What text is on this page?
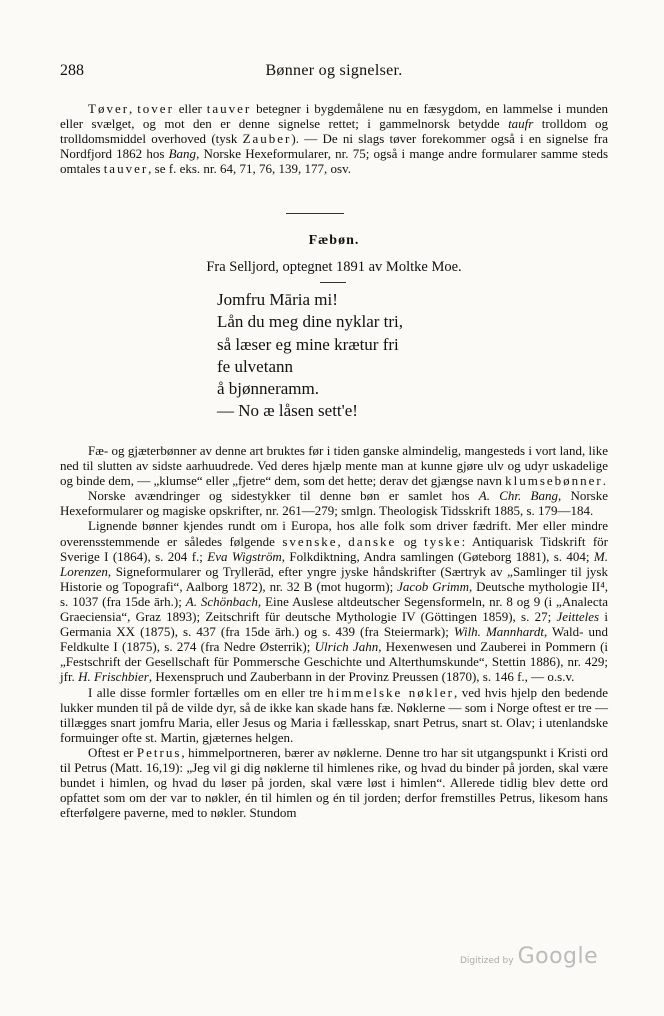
288	Bønner og signelser.

Tøver, tover eller tauver betegner i bygdemålene nu en fæsygdom, en lammelse i munden eller svælget, og mot den er denne signelse rettet; i gammelnorsk betydde taufr trolldom og trolldomsmiddel overhoved (tysk Zauber). — De ni slags tøver forekommer også i en signelse fra Nordfjord 1862 hos Bang, Norske Hexeformularer, nr. 75; også i mange andre formularer samme steds omtales tauver, se f. eks. nr. 64, 71, 76, 139, 177, osv.

Fæbøn.
Fra Selljord, optegnet 1891 av Moltke Moe.
Jomfru Māria mi!
Lån du meg dine nyklar tri,
så læser eg mine krætur fri
fe ulvetann
å bjønneramm.
— No æ låsen sett'e!

Fæ- og gjæterbønner av denne art bruktes før i tiden ganske almindelig, mangesteds i vort land, like ned til slutten av sidste aarhuudrede. Ved deres hjælp mente man at kunne gjøre ulv og udyr uskadelige og binde dem, — „klumse“ eller „fjetre“ dem, som det hette; derav det gjængse navn klumsebønner.

Norske avændringer og sidestykker til denne bøn er samlet hos A. Chr. Bang, Norske Hexeformularer og magiske opskrifter, nr. 261—279; smlgn. Theologisk Tidsskrift 1885, s. 179—184.

Lignende bønner kjendes rundt om i Europa, hos alle folk som driver fædrift. Mer eller mindre overensstemmende er således følgende svenske, danske og tyske: Antiquarisk Tidskrift för Sverige I (1864), s. 204 f.; Eva Wigström, Folkdiktning, Andra samlingen (Gøteborg 1881), s. 404; M. Lorenzen, Signeformularer og Tryllerād, efter yngre jyske håndskrifter (Særtryk av „Samlinger til jysk Historie og Topografi“, Aalborg 1872), nr. 32 B (mot hugorm); Jacob Grimm, Deutsche mythologie II⁴, s. 1037 (fra 15de ārh.); A. Schönbach, Eine Auslese altdeutscher Segensformeln, nr. 8 og 9 (i „Analecta Graeciensia“, Graz 1893); Zeitschrift für deutsche Mythologie IV (Göttingen 1859), s. 27; Jeitteles i Germania XX (1875), s. 437 (fra 15de ārh.) og s. 439 (fra Steiermark); Wilh. Mannhardt, Wald- und Feldkulte I (1875), s. 274 (fra Nedre Østerrik); Ulrich Jahn, Hexenwesen und Zauberei in Pommern (i „Festschrift der Gesellschaft für Pommersche Geschichte und Alterthumskunde“, Stettin 1886), nr. 429; jfr. H. Frischbier, Hexenspruch und Zauberbann in der Provinz Preussen (1870), s. 146 f., — o.s.v.

I alle disse formler fortælles om en eller tre himmelske nøkler, ved hvis hjelp den bedende lukker munden til på de vilde dyr, så de ikke kan skade hans fæ. Nøklerne — som i Norge oftest er tre — tillægges snart jomfru Maria, eller Jesus og Maria i fællesskap, snart Petrus, snart st. Olav; i utenlandske formuinger ofte st. Martin, gjæternes helgen.

Oftest er Petrus, himmelportneren, bærer av nøklerne. Denne tro har sit utgangspunkt i Kristi ord til Petrus (Matt. 16,19): „Jeg vil gi dig nøklerne til himlenes rike, og hvad du binder på jorden, skal være bundet i himlen, og hvad du løser på jorden, skal være løst i himlen“. Allerede tidlig blev dette ord opfattet som om der var to nøkler, én til himlen og én til jorden; derfor fremstilles Petrus, likesom hans efterfølgere paverne, med to nøkler. Stundom

Digitized by Google
